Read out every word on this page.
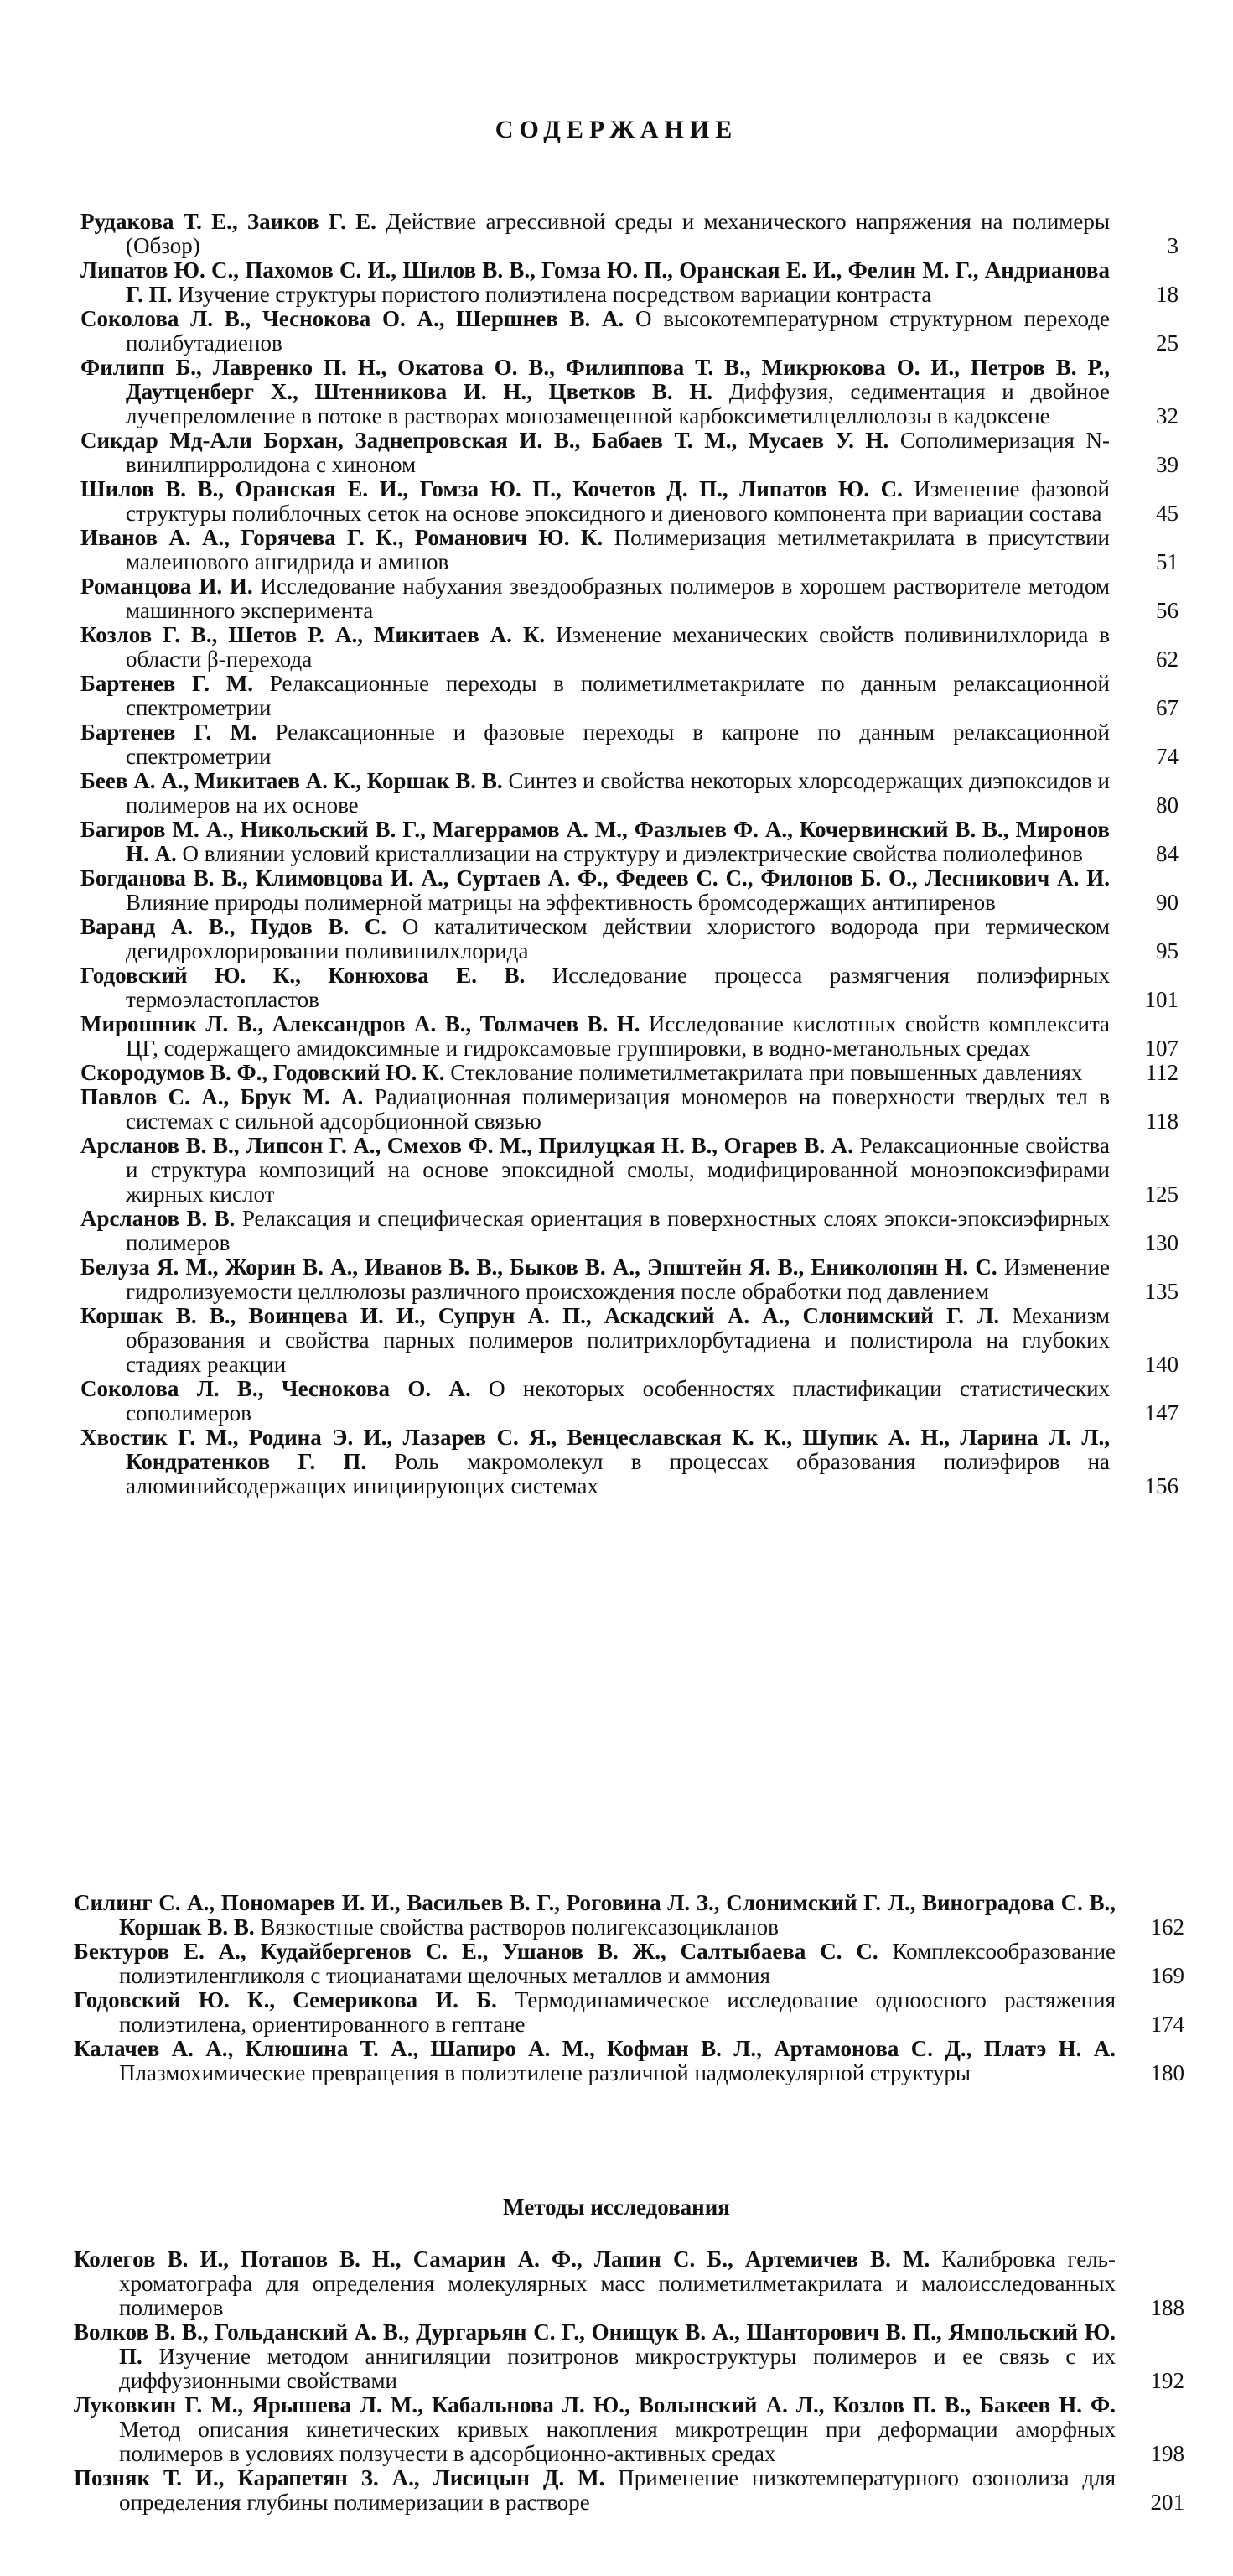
СОДЕРЖАНИЕ
Рудакова Т. Е., Заиков Г. Е. Действие агрессивной среды и механического напряжения на полимеры (Обзор)	3
Липатов Ю. С., Пахомов С. И., Шилов В. В., Гомза Ю. П., Оранская Е. И., Фелин М. Г., Андрианова Г. П. Изучение структуры пористого полиэтилена посредством вариации контраста	18
Соколова Л. В., Чеснокова О. А., Шершнев В. А. О высокотемпературном структурном переходе полибутадиенов	25
Филипп Б., Лавренко П. Н., Окатова О. В., Филиппова Т. В., Микрюкова О. И., Петров В. Р., Даутценберг Х., Штенникова И. Н., Цветков В. Н. Диффузия, седиментация и двойное лучепреломление в потоке в растворах монозамещенной карбоксиметилцеллюлозы в кадоксене	32
Сикдар Мд-Али Борхан, Заднепровская И. В., Бабаев Т. М., Мусаев У. Н. Сополимеризация N-винилпирролидона с хиноном	39
Шилов В. В., Оранская Е. И., Гомза Ю. П., Кочетов Д. П., Липатов Ю. С. Изменение фазовой структуры полиблочных сеток на основе эпоксидного и диенового компонента при вариации состава	45
Иванов А. А., Горячева Г. К., Романович Ю. К. Полимеризация метилметакрилата в присутствии малеинового ангидрида и аминов	51
Романцова И. И. Исследование набухания звездообразных полимеров в хорошем растворителе методом машинного эксперимента	56
Козлов Г. В., Шетов Р. А., Микитаев А. К. Изменение механических свойств поливинилхлорида в области β-перехода	62
Бартенев Г. М. Релаксационные переходы в полиметилметакрилате по данным релаксационной спектрометрии	67
Бартенев Г. М. Релаксационные и фазовые переходы в капроне по данным релаксационной спектрометрии	74
Беев А. А., Микитаев А. К., Коршак В. В. Синтез и свойства некоторых хлорсодержащих диэпоксидов и полимеров на их основе	80
Багиров М. А., Никольский В. Г., Магеррамов А. М., Фазлыев Ф. А., Кочервинский В. В., Миронов Н. А. О влиянии условий кристаллизации на структуру и диэлектрические свойства полиолефинов	84
Богданова В. В., Климовцова И. А., Суртаев А. Ф., Федеев С. С., Филонов Б. О., Лесникович А. И. Влияние природы полимерной матрицы на эффективность бромсодержащих антипиренов	90
Варанд А. В., Пудов В. С. О каталитическом действии хлористого водорода при термическом дегидрохлорировании поливинилхлорида	95
Годовский Ю. К., Конюхова Е. В. Исследование процесса размягчения полиэфирных термоэластопластов	101
Мирошник Л. В., Александров А. В., Толмачев В. Н. Исследование кислотных свойств комплексита ЦГ, содержащего амидоксимные и гидроксамовые группировки, в водно-метанольных средах	107
Скородумов В. Ф., Годовский Ю. К. Стеклование полиметилметакрилата при повышенных давлениях	112
Павлов С. А., Брук М. А. Радиационная полимеризация мономеров на поверхности твердых тел в системах с сильной адсорбционной связью	118
Арсланов В. В., Липсон Г. А., Смехов Ф. М., Прилуцкая Н. В., Огарев В. А. Релаксационные свойства и структура композиций на основе эпоксидной смолы, модифицированной моноэпоксиэфирами жирных кислот	125
Арсланов В. В. Релаксация и специфическая ориентация в поверхностных слоях эпокси-эпоксиэфирных полимеров	130
Белуза Я. М., Жорин В. А., Иванов В. В., Быков В. А., Эпштейн Я. В., Ениколопян Н. С. Изменение гидролизуемости целлюлозы различного происхождения после обработки под давлением	135
Коршак В. В., Воинцева И. И., Супрун А. П., Аскадский А. А., Слонимский Г. Л. Механизм образования и свойства парных полимеров политрихлорбутадиена и полистирола на глубоких стадиях реакции	140
Соколова Л. В., Чеснокова О. А. О некоторых особенностях пластификации статистических сополимеров	147
Хвостик Г. М., Родина Э. И., Лазарев С. Я., Венцеславская К. К., Шупик А. Н., Ларина Л. Л., Кондратенков Г. П. Роль макромолекул в процессах образования полиэфиров на алюминийсодержащих инициирующих системах	156
Силинг С. А., Пономарев И. И., Васильев В. Г., Роговина Л. З., Слонимский Г. Л., Виноградова С. В., Коршак В. В. Вязкостные свойства растворов полигексазоцикланов	162
Бектуров Е. А., Кудайбергенов С. Е., Ушанов В. Ж., Салтыбаева С. С. Комплексообразование полиэтиленгликоля с тиоцианатами щелочных металлов и аммония	169
Годовский Ю. К., Семерикова И. Б. Термодинамическое исследование одноосного растяжения полиэтилена, ориентированного в гептане	174
Калачев А. А., Клюшина Т. А., Шапиро А. М., Кофман В. Л., Артамонова С. Д., Платэ Н. А. Плазмохимические превращения в полиэтилене различной надмолекулярной структуры	180
Методы исследования
Колегов В. И., Потапов В. Н., Самарин А. Ф., Лапин С. Б., Артемичев В. М. Калибровка гель-хроматографа для определения молекулярных масс полиметилметакрилата и малоисследованных полимеров	188
Волков В. В., Гольданский А. В., Дургарьян С. Г., Онищук В. А., Шанторович В. П., Ямпольский Ю. П. Изучение методом аннигиляции позитронов микроструктуры полимеров и ее связь с их диффузионными свойствами	192
Луковкин Г. М., Ярышева Л. М., Кабальнова Л. Ю., Волынский А. Л., Козлов П. В., Бакеев Н. Ф. Метод описания кинетических кривых накопления микротрещин при деформации аморфных полимеров в условиях ползучести в адсорбционно-активных средах	198
Позняк Т. И., Карапетян З. А., Лисицын Д. М. Применение низкотемпературного озонолиза для определения глубины полимеризации в растворе	201
